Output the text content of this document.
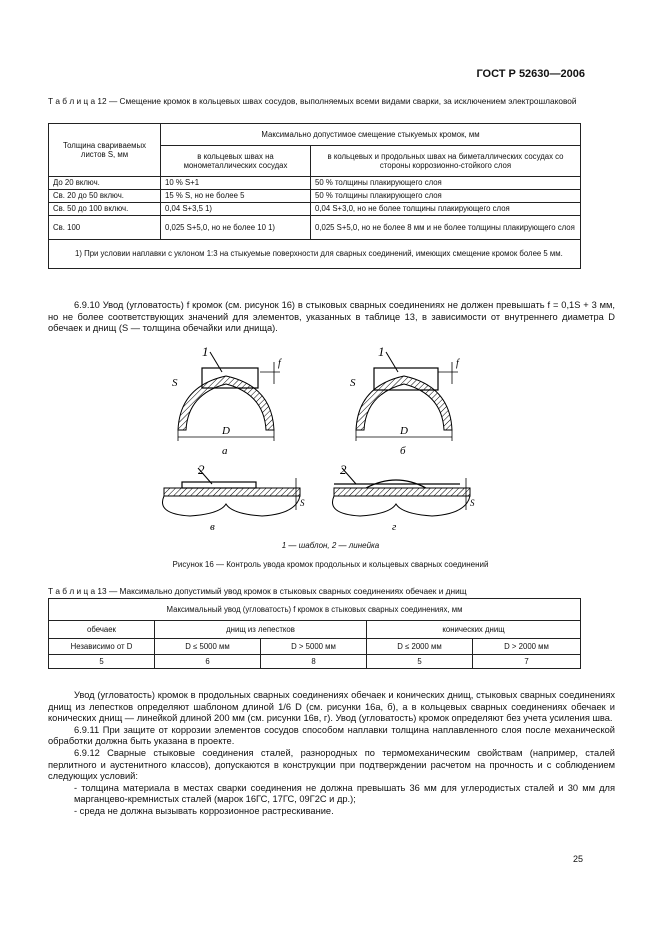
ГОСТ Р 52630—2006
Т а б л и ц а 12 — Смещение кромок в кольцевых швах сосудов, выполняемых всеми видами сварки, за исключением электрошлаковой
Толщина свариваемых листов S, мм	Максимально допустимое смещение стыкуемых кромок, мм	
	в кольцевых швах на монометаллических сосудах	в кольцевых и продольных швах на биметаллических сосудах со стороны коррозионно-стойкого слоя
До 20 включ.	10 % S+1	50 % толщины плакирующего слоя
Св. 20 до 50 включ.	15 % S, но не более 5	50 % толщины плакирующего слоя
Св. 50 до 100 включ.	0,04 S+3,5 1)	0,04 S+3,0, но не более толщины плакирующего слоя
Св. 100	0,025 S+5,0, но не более 10 1)	0,025 S+5,0, но не более 8 мм и не более толщины плакирующего слоя
1) При условии наплавки с уклоном 1:3 на стыкуемые поверхности для сварных соединений, имеющих смещение кромок более 5 мм.		

6.9.10 Увод (угловатость) f кромок (см. рисунок 16) в стыковых сварных соединениях не должен превышать f = 0,1S + 3 мм, но не более соответствующих значений для элементов, указанных в таблице 13, в зависимости от внутреннего диаметра D обечаек и днищ (S — толщина обечайки или днища).

1
S
D
а
f
1
S
D
б
f
2
в
S
2
г
S
1 — шаблон, 2 — линейка
Рисунок 16 — Контроль увода кромок продольных и кольцевых сварных соединений
Т а б л и ц а 13 — Максимально допустимый увод кромок в стыковых сварных соединениях обечаек и днищ
Максимальный увод (угловатость) f кромок в стыковых сварных соединениях, мм				
обечаек	днищ из лепестков		конических днищ	
Независимо от D	D ≤ 5000 мм	D > 5000 мм	D ≤ 2000 мм	D > 2000 мм
5	6	8	5	7

Увод (угловатость) кромок в продольных сварных соединениях обечаек и конических днищ, стыковых сварных соединениях днищ из лепестков определяют шаблоном длиной 1/6 D (см. рисунки 16а, б), а в кольцевых сварных соединениях обечаек и конических днищ — линейкой длиной 200 мм (см. рисунки 16в, г). Увод (угловатость) кромок определяют без учета усиления шва.

6.9.11 При защите от коррозии элементов сосудов способом наплавки толщина наплавленного слоя после механической обработки должна быть указана в проекте.

6.9.12 Сварные стыковые соединения сталей, разнородных по термомеханическим свойствам (например, сталей перлитного и аустенитного классов), допускаются в конструкции при подтверждении расчетом на прочность и с соблюдением следующих условий:

- толщина материала в местах сварки соединения не должна превышать 36 мм для углеродистых сталей и 30 мм для марганцево-кремнистых сталей (марок 16ГС, 17ГС, 09Г2С и др.);

- среда не должна вызывать коррозионное растрескивание.

25
